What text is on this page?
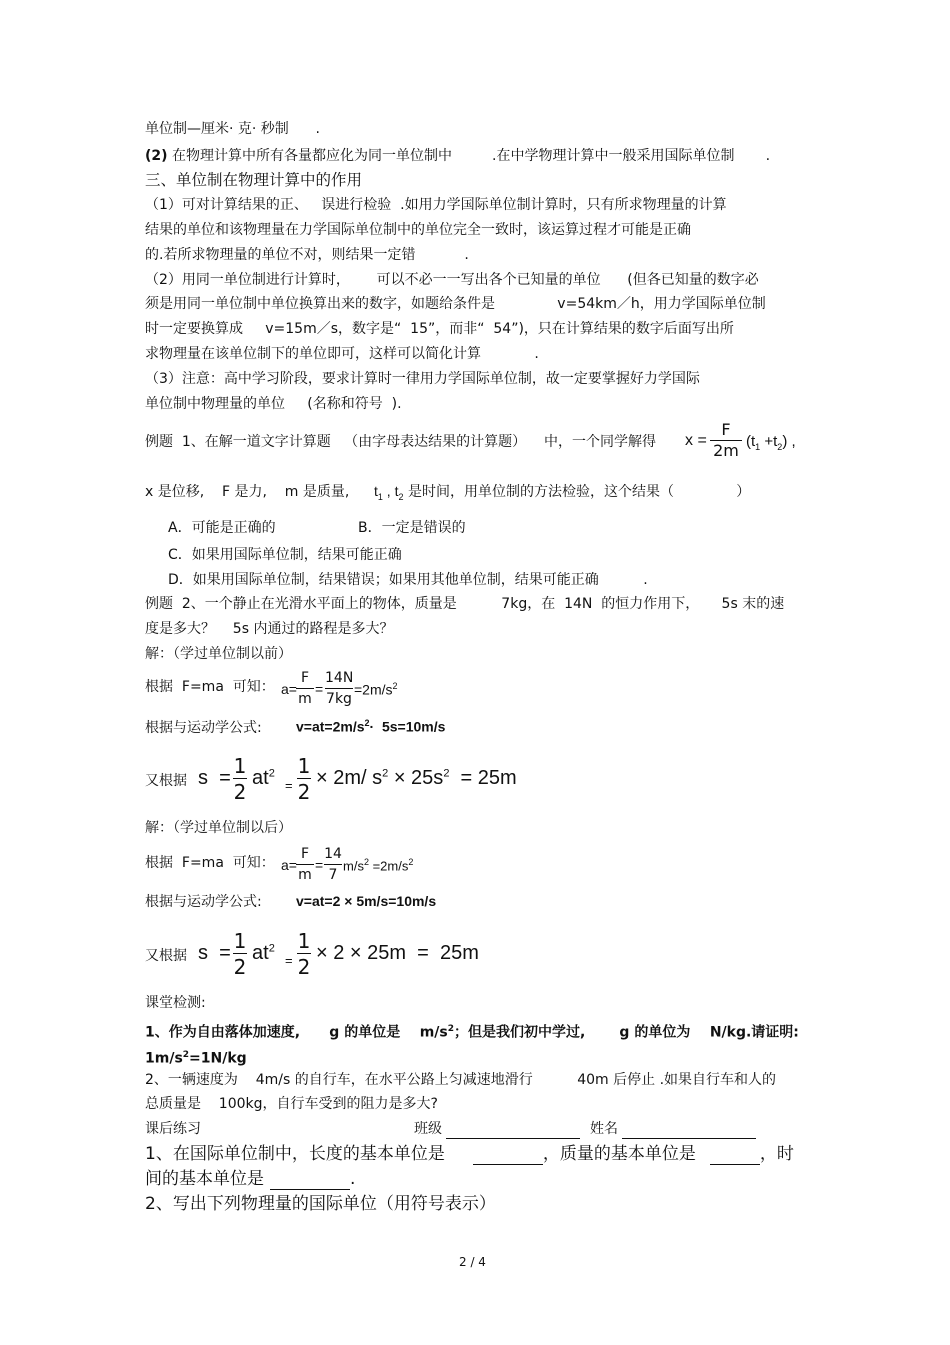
单位制—厘米· 克· 秒制      .
(2) 在物理计算中所有各量都应化为同一单位制中         .在中学物理计算中一般采用国际单位制       .
三、单位制在物理计算中的作用
（1）可对计算结果的正、   误进行检验  .如用力学国际单位制计算时，只有所求物理量的计算
结果的单位和该物理量在力学国际单位制中的单位完全一致时，该运算过程才可能是正确
的.若所求物理量的单位不对，则结果一定错           .
（2）用同一单位制进行计算时，      可以不必一一写出各个已知量的单位      (但各已知量的数字必
须是用同一单位制中单位换算出来的数字，如题给条件是              v=54km／h，用力学国际单位制
时一定要换算成     v=15m／s，数字是“  15”，而非“  54”)，只在计算结果的数字后面写出所
求物理量在该单位制下的单位即可，这样可以简化计算            .
（3）注意：高中学习阶段，要求计算时一律用力学国际单位制，故一定要掌握好力学国际
单位制中物理量的单位     (名称和符号  ).
例题  1、在解一道文字计算题   （由字母表达结果的计算题）    中，一个同学解得 x =
F
2m $(t_1 +t_2)$ ,
x 是位移,    F 是力,    m 是质量, $t_1$ , $t_2$ 是时间，用单位制的方法检验，这个结果（              ）
A．可能是正确的	B．一定是错误的
C．如果用国际单位制，结果可能正确
D．如果用国际单位制，结果错误；如果用其他单位制，结果可能正确          .
例题  2、一个静止在光滑水平面上的物体，质量是          7kg，在  14N  的恒力作用下，     5s 末的速
度是多大？    5s 内通过的路程是多大？
解：（学过单位制以前）
根据  F=ma  可知： a=
F
m
=
14N
7kg
$=2m/s^2$
根据与运动学公式: $v=at=2m/s^2\cdot 5s=10m/s$
又根据 s  = 1
2
$at^2$
=
1
2
× 2m/ $s^2 \times 25s^2 = 25m$
解：（学过单位制以后）
根据  F=ma  可知： a=
F
m
=
14
7
$m/s^2 =2m/s^2$
根据与运动学公式: v=at=2 × 5m/s=10m/s
又根据 s  = 1
2
$at^2$
=
1
2
× 2 × 25m  =  25m
课堂检测:
1、作为自由落体加速度,      g 的单位是    $m/s^2$；但是我们初中学过,       g 的单位为    N/kg.请证明:
$1m/s^2=1N/kg$
2、一辆速度为    4m/s 的自行车，在水平公路上匀减速地滑行          40m 后停止 .如果自行车和人的
总质量是    100kg，自行车受到的阻力是多大?
课后练习	班级	姓名
1、在国际单位制中，长度的基本单位是	，质量的基本单位是	，时
间的基本单位是	.
2、写出下列物理量的国际单位（用符号表示）
2 / 4
